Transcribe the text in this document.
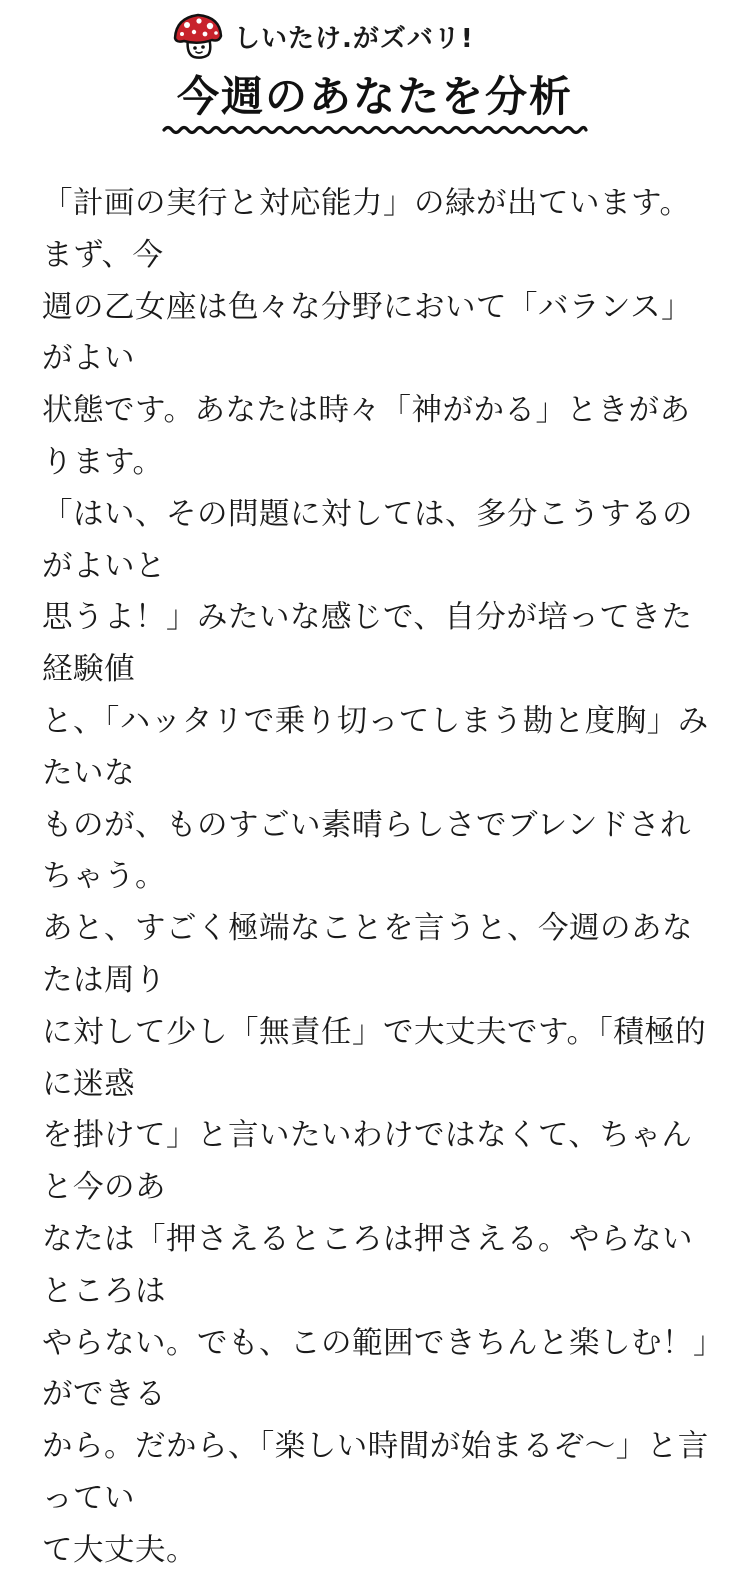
しいたけ.がズバリ!
今週のあなたを分析

「計画の実行と対応能力」の緑が出ています。まず、今
週の乙女座は色々な分野において「バランス」がよい
状態です。あなたは時々「神がかる」ときがあります。
「はい、その問題に対しては、多分こうするのがよいと
思うよ！」みたいな感じで、自分が培ってきた経験値
と、「ハッタリで乗り切ってしまう勘と度胸」みたいな
ものが、ものすごい素晴らしさでブレンドされちゃう。
あと、すごく極端なことを言うと、今週のあなたは周り
に対して少し「無責任」で大丈夫です。「積極的に迷惑
を掛けて」と言いたいわけではなくて、ちゃんと今のあ
なたは「押さえるところは押さえる。やらないところは
やらない。でも、この範囲できちんと楽しむ！」ができる
から。だから、「楽しい時間が始まるぞ〜」と言ってい
て大丈夫。
